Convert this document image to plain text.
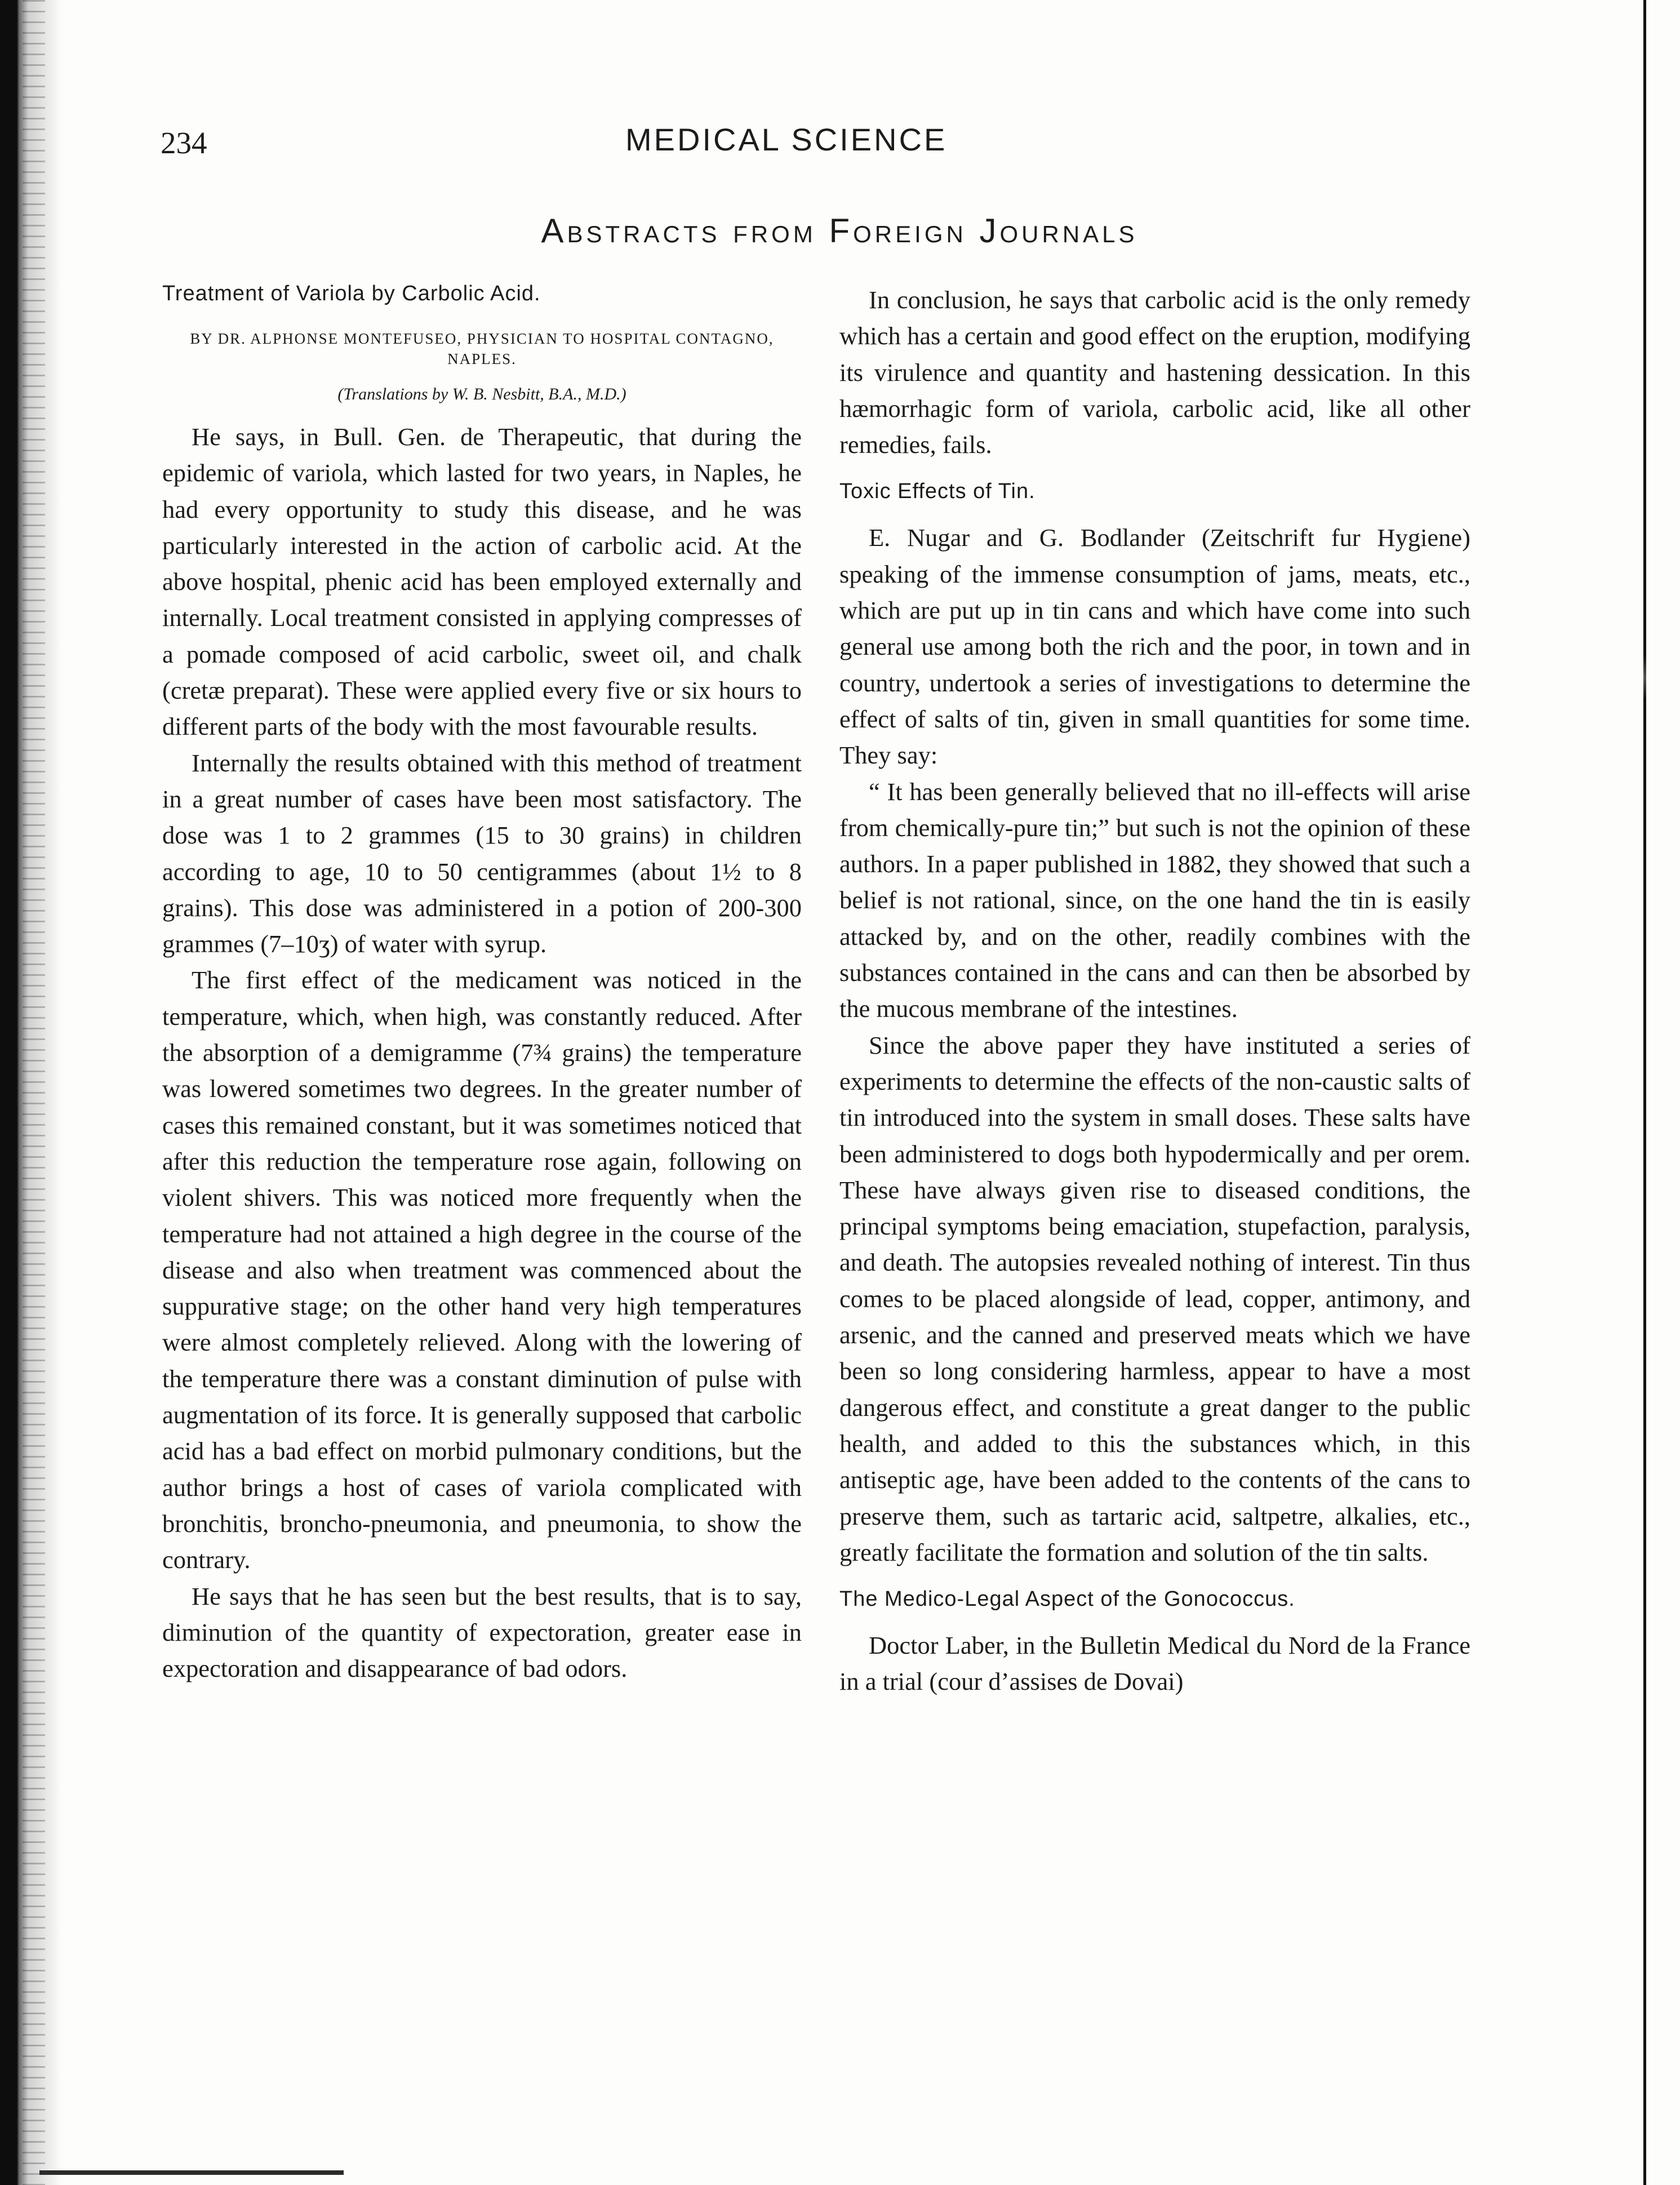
234	MEDICAL SCIENCE
Abstracts from Foreign Journals
Treatment of Variola by Carbolic Acid.
BY DR. ALPHONSE MONTEFUSEO, PHYSICIAN TO HOSPITAL CONTAGNO, NAPLES.
(Translations by W. B. Nesbitt, B.A., M.D.)

He says, in Bull. Gen. de Therapeutic, that during the epidemic of variola, which lasted for two years, in Naples, he had every opportunity to study this disease, and he was particularly interested in the action of carbolic acid. At the above hospital, phenic acid has been employed externally and internally. Local treatment consisted in applying compresses of a pomade composed of acid carbolic, sweet oil, and chalk (cretæ preparat). These were applied every five or six hours to different parts of the body with the most favourable results.

Internally the results obtained with this method of treatment in a great number of cases have been most satisfactory. The dose was 1 to 2 grammes (15 to 30 grains) in children according to age, 10 to 50 centigrammes (about 1½ to 8 grains). This dose was administered in a potion of 200-300 grammes (7–10ʒ) of water with syrup.

The first effect of the medicament was noticed in the temperature, which, when high, was constantly reduced. After the absorption of a demigramme (7¾ grains) the temperature was lowered sometimes two degrees. In the greater number of cases this remained constant, but it was sometimes noticed that after this reduction the temperature rose again, following on violent shivers. This was noticed more frequently when the temperature had not attained a high degree in the course of the disease and also when treatment was commenced about the suppurative stage; on the other hand very high temperatures were almost completely relieved. Along with the lowering of the temperature there was a constant diminution of pulse with augmentation of its force. It is generally supposed that carbolic acid has a bad effect on morbid pulmonary conditions, but the author brings a host of cases of variola complicated with bronchitis, broncho-pneumonia, and pneumonia, to show the contrary.

He says that he has seen but the best results, that is to say, diminution of the quantity of expectoration, greater ease in expectoration and disappearance of bad odors.

In conclusion, he says that carbolic acid is the only remedy which has a certain and good effect on the eruption, modifying its virulence and quantity and hastening dessication. In this hæmorrhagic form of variola, carbolic acid, like all other remedies, fails.

Toxic Effects of Tin.

E. Nugar and G. Bodlander (Zeitschrift fur Hygiene) speaking of the immense consumption of jams, meats, etc., which are put up in tin cans and which have come into such general use among both the rich and the poor, in town and in country, undertook a series of investigations to determine the effect of salts of tin, given in small quantities for some time. They say:

“ It has been generally believed that no ill-effects will arise from chemically-pure tin;” but such is not the opinion of these authors. In a paper published in 1882, they showed that such a belief is not rational, since, on the one hand the tin is easily attacked by, and on the other, readily combines with the substances contained in the cans and can then be absorbed by the mucous membrane of the intestines.

Since the above paper they have instituted a series of experiments to determine the effects of the non-caustic salts of tin introduced into the system in small doses. These salts have been administered to dogs both hypodermically and per orem. These have always given rise to diseased conditions, the principal symptoms being emaciation, stupefaction, paralysis, and death. The autopsies revealed nothing of interest. Tin thus comes to be placed alongside of lead, copper, antimony, and arsenic, and the canned and preserved meats which we have been so long considering harmless, appear to have a most dangerous effect, and constitute a great danger to the public health, and added to this the substances which, in this antiseptic age, have been added to the contents of the cans to preserve them, such as tartaric acid, saltpetre, alkalies, etc., greatly facilitate the formation and solution of the tin salts.

The Medico-Legal Aspect of the Gonococcus.

Doctor Laber, in the Bulletin Medical du Nord de la France in a trial (cour d’assises de Dovai)
